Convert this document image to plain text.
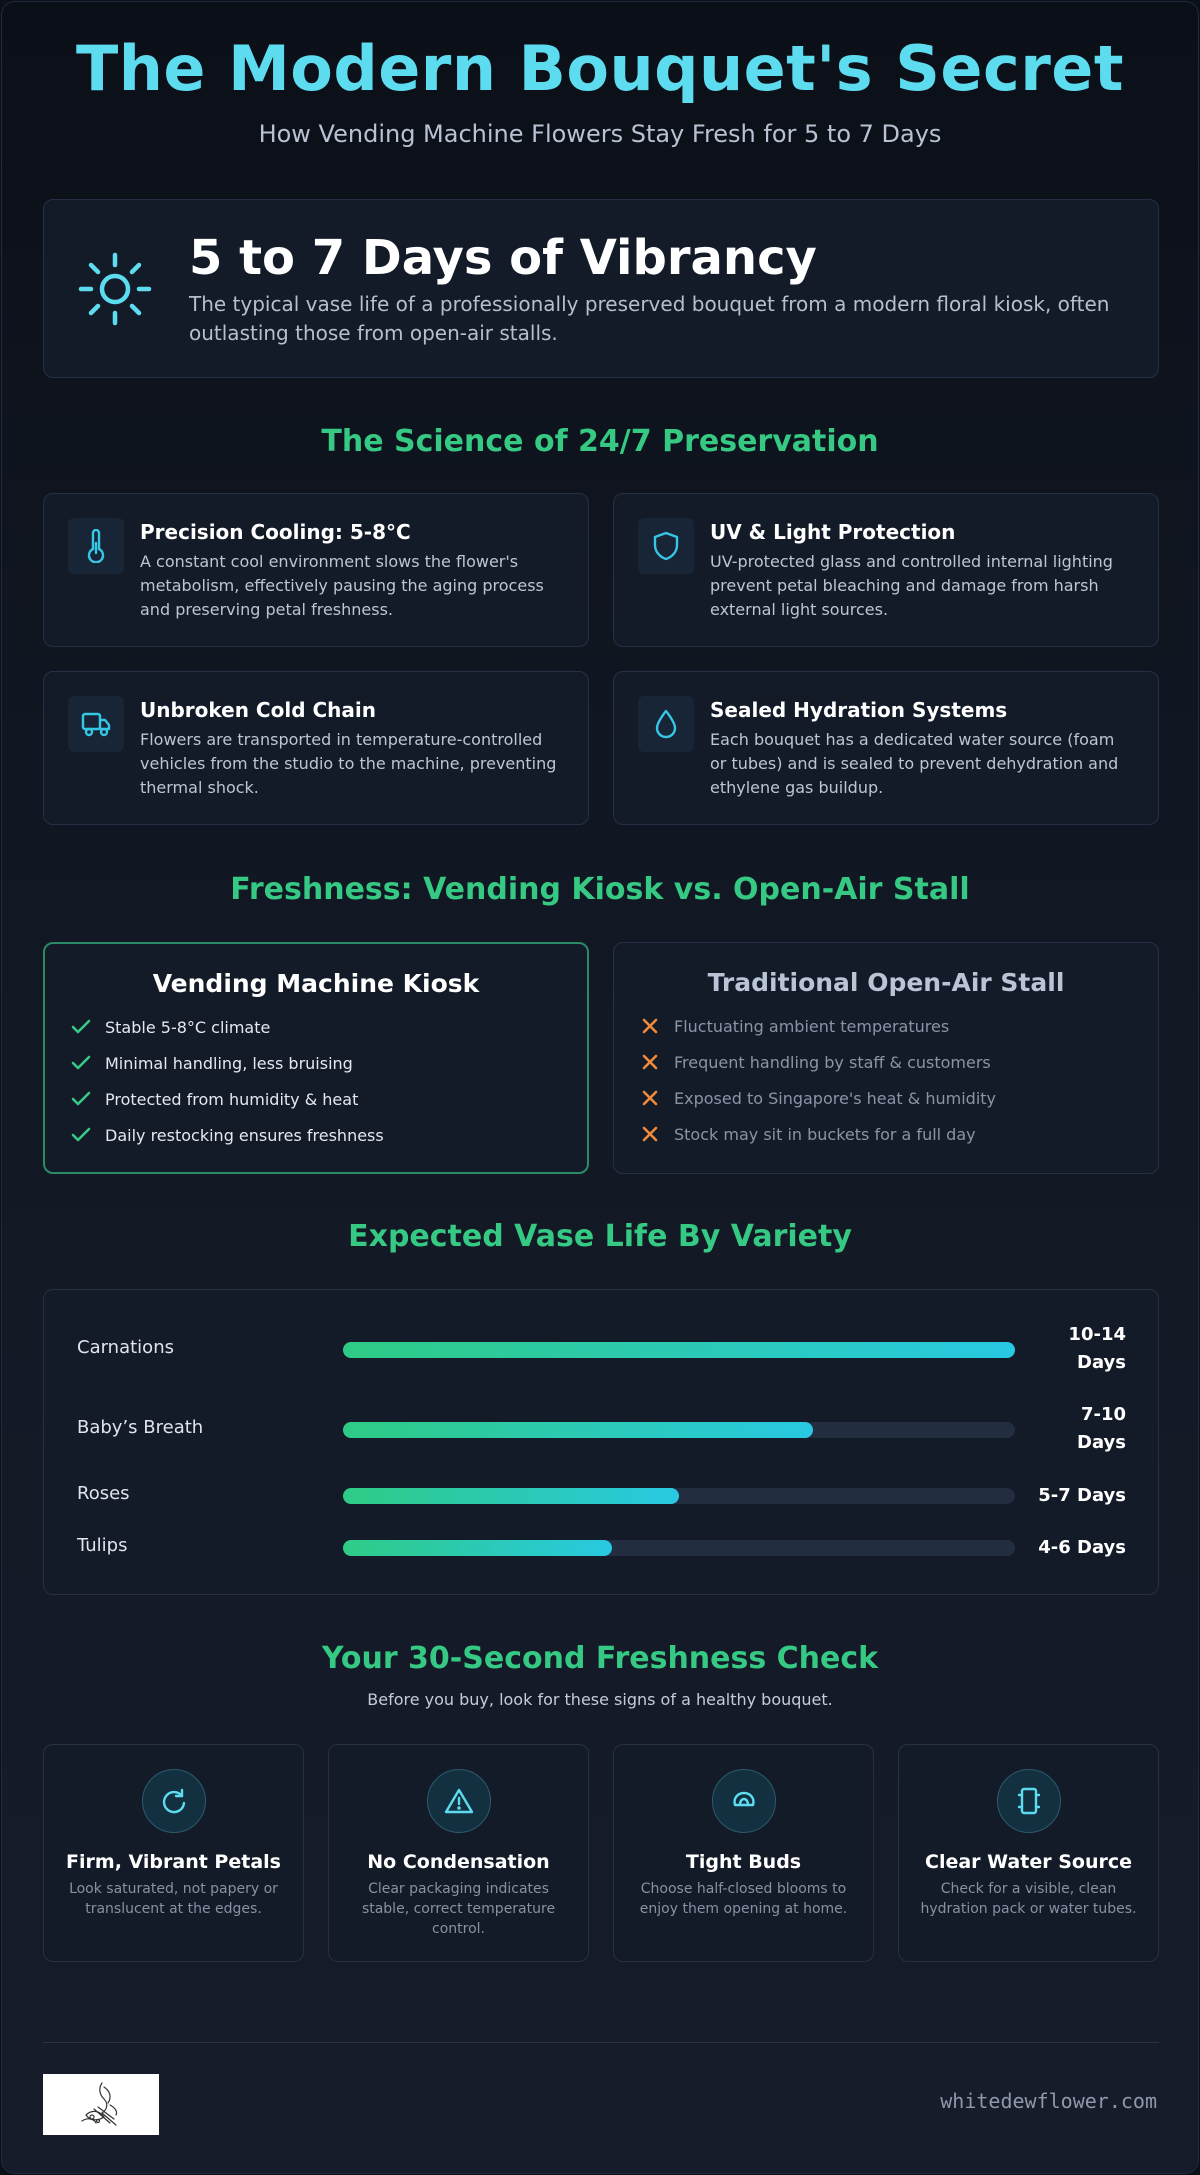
The Modern Bouquet's Secret
How Vending Machine Flowers Stay Fresh for 5 to 7 Days
5 to 7 Days of Vibrancy
The typical vase life of a professionally preserved bouquet from a modern floral kiosk, often outlasting those from open-air stalls.
The Science of 24/7 Preservation
Precision Cooling: 5-8°C
A constant cool environment slows the flower's metabolism, effectively pausing the aging process and preserving petal freshness.
UV & Light Protection
UV-protected glass and controlled internal lighting prevent petal bleaching and damage from harsh external light sources.
Unbroken Cold Chain
Flowers are transported in temperature-controlled vehicles from the studio to the machine, preventing thermal shock.
Sealed Hydration Systems
Each bouquet has a dedicated water source (foam or tubes) and is sealed to prevent dehydration and ethylene gas buildup.
Freshness: Vending Kiosk vs. Open-Air Stall
Vending Machine Kiosk
Stable 5-8°C climate
Minimal handling, less bruising
Protected from humidity & heat
Daily restocking ensures freshness
Traditional Open-Air Stall
Fluctuating ambient temperatures
Frequent handling by staff & customers
Exposed to Singapore's heat & humidity
Stock may sit in buckets for a full day
Expected Vase Life By Variety
Carnations
10-14
Days
Baby’s Breath
7-10
Days
Roses	5-7 Days
Tulips	4-6 Days
Your 30-Second Freshness Check
Before you buy, look for these signs of a healthy bouquet.
Firm, Vibrant Petals
Look saturated, not papery or translucent at the edges.
No Condensation
Clear packaging indicates stable, correct temperature control.
Tight Buds
Choose half-closed blooms to enjoy them opening at home.
Clear Water Source
Check for a visible, clean hydration pack or water tubes.
whitedewflower.com
